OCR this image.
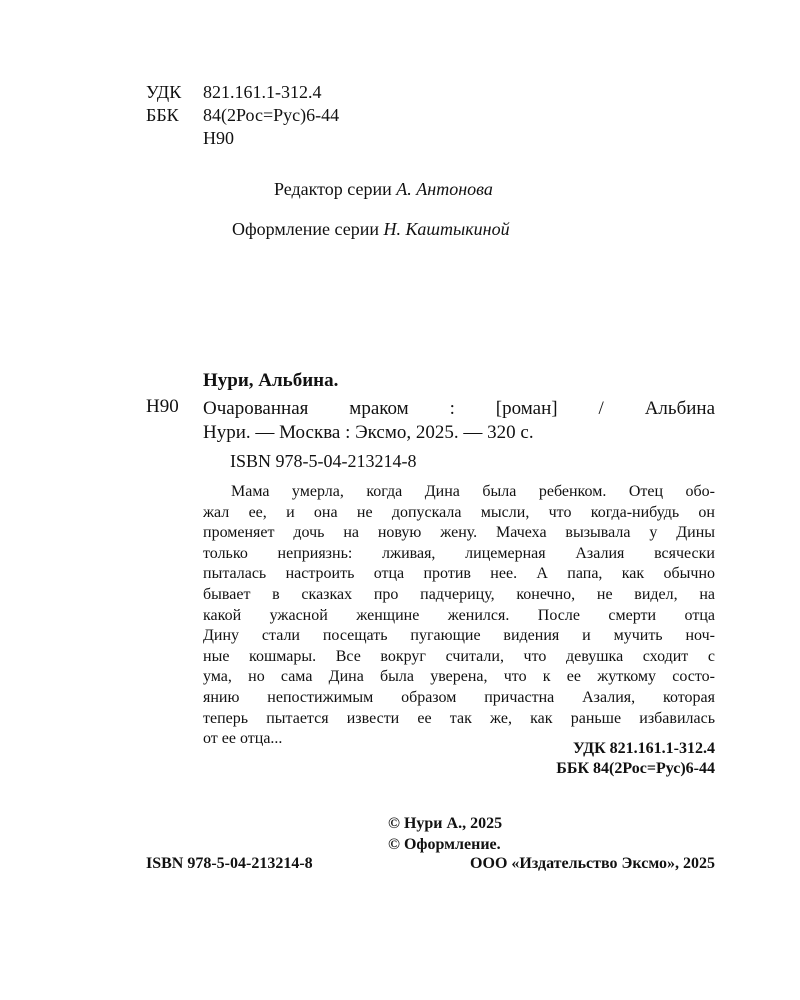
УДК	821.161.1-312.4
ББК	84(2Рос=Рус)6-44
Н90
Редактор серии А. Антонова
Оформление серии Н. Каштыкиной
Нури, Альбина.
Н90 Очарованная мраком : [роман] / Альбина
Нури. — Москва : Эксмо, 2025. — 320 с.
ISBN 978-5-04-213214-8
Мама умерла, когда Дина была ребенком. Отец обо-
жал ее, и она не допускала мысли, что когда-нибудь он
променяет дочь на новую жену. Мачеха вызывала у Дины
только неприязнь: лживая, лицемерная Азалия всячески
пыталась настроить отца против нее. А папа, как обычно
бывает в сказках про падчерицу, конечно, не видел, на
какой ужасной женщине женился. После смерти отца
Дину стали посещать пугающие видения и мучить ноч-
ные кошмары. Все вокруг считали, что девушка сходит с
ума, но сама Дина была уверена, что к ее жуткому состо-
янию непостижимым образом причастна Азалия, которая
теперь пытается извести ее так же, как раньше избавилась
от ее отца...
УДК 821.161.1-312.4
ББК 84(2Рос=Рус)6-44
© Нури А., 2025
© Оформление.
ISBN 978-5-04-213214-8	ООО «Издательство Эксмо», 2025
